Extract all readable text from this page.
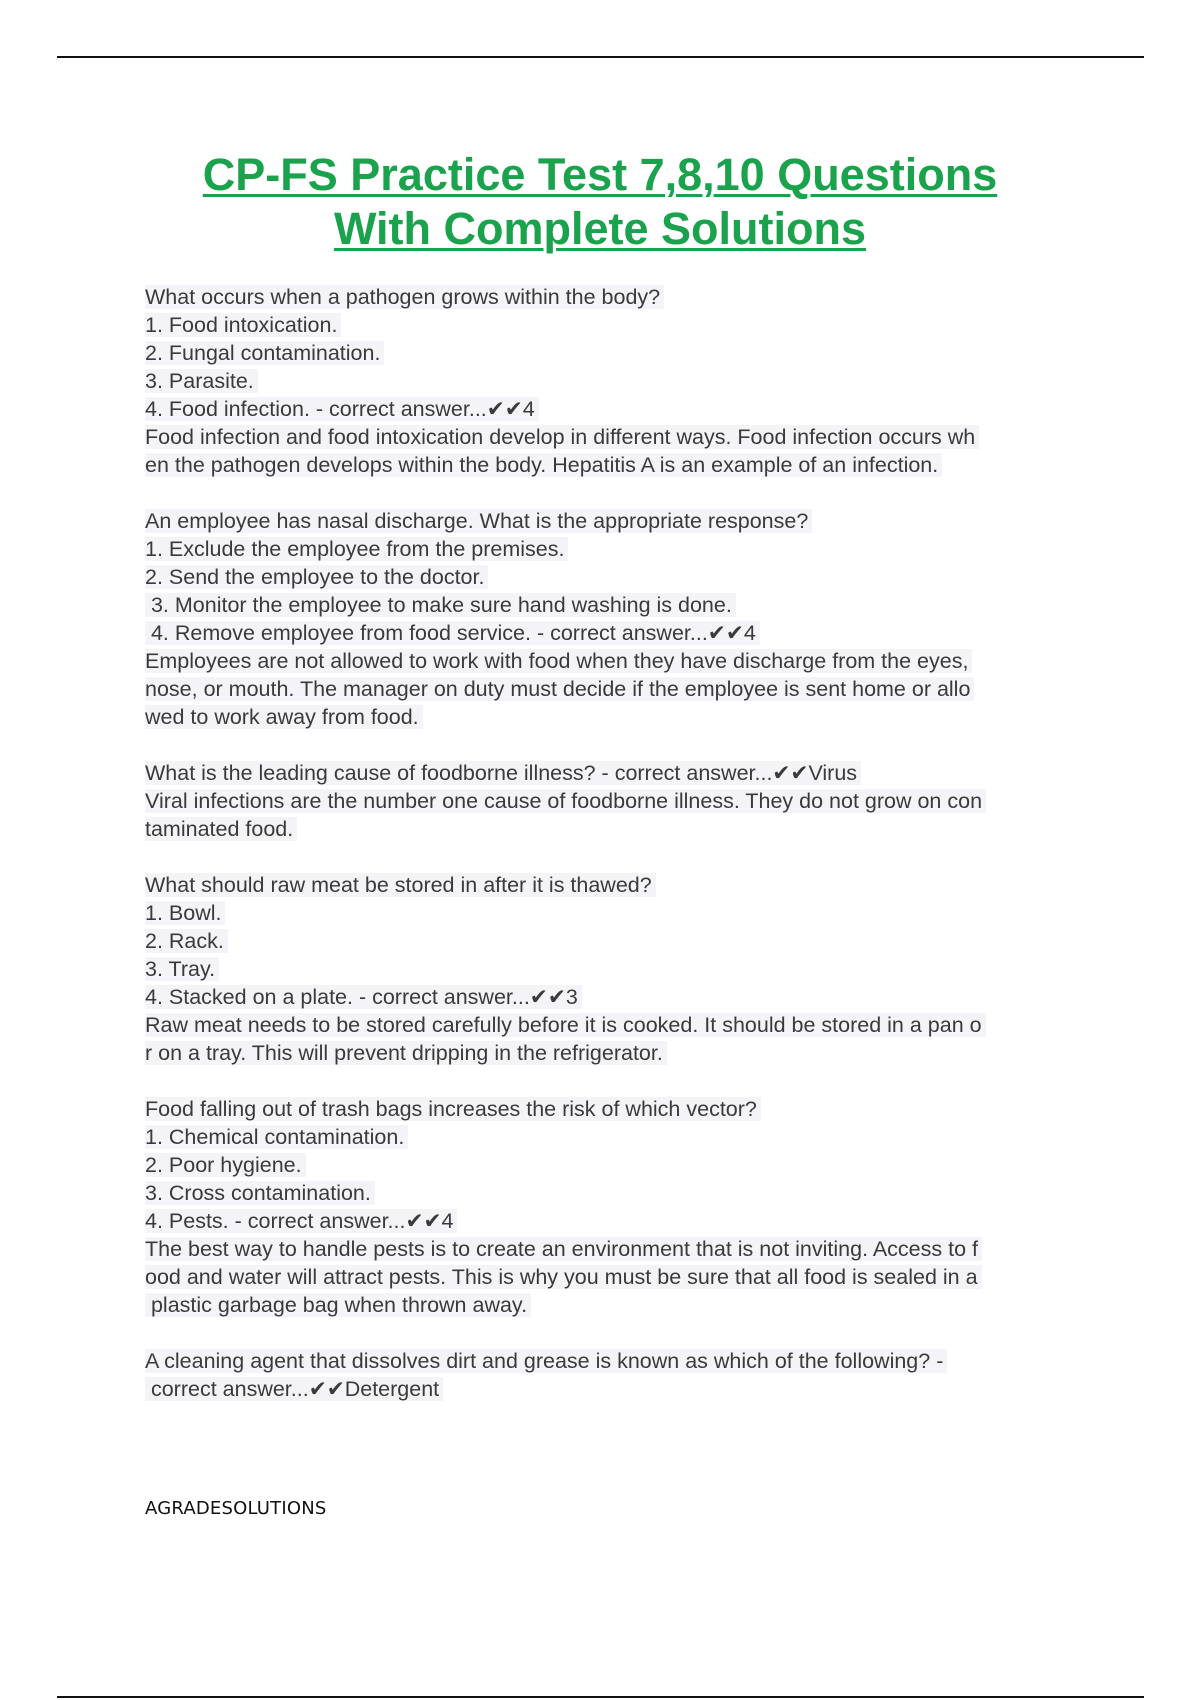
CP-FS Practice Test 7,8,10 Questions
With Complete Solutions
What occurs when a pathogen grows within the body?
1. Food intoxication.
2. Fungal contamination.
3. Parasite.
4. Food infection. - correct answer...✔✔4
Food infection and food intoxication develop in different ways. Food infection occurs wh
en the pathogen develops within the body. Hepatitis A is an example of an infection.
An employee has nasal discharge. What is the appropriate response?
1. Exclude the employee from the premises.
2. Send the employee to the doctor.
3. Monitor the employee to make sure hand washing is done.
4. Remove employee from food service. - correct answer...✔✔4
Employees are not allowed to work with food when they have discharge from the eyes,
nose, or mouth. The manager on duty must decide if the employee is sent home or allo
wed to work away from food.
What is the leading cause of foodborne illness? - correct answer...✔✔Virus
Viral infections are the number one cause of foodborne illness. They do not grow on con
taminated food.
What should raw meat be stored in after it is thawed?
1. Bowl.
2. Rack.
3. Tray.
4. Stacked on a plate. - correct answer...✔✔3
Raw meat needs to be stored carefully before it is cooked. It should be stored in a pan o
r on a tray. This will prevent dripping in the refrigerator.
Food falling out of trash bags increases the risk of which vector?
1. Chemical contamination.
2. Poor hygiene.
3. Cross contamination.
4. Pests. - correct answer...✔✔4
The best way to handle pests is to create an environment that is not inviting. Access to f
ood and water will attract pests. This is why you must be sure that all food is sealed in a
plastic garbage bag when thrown away.
A cleaning agent that dissolves dirt and grease is known as which of the following? -
correct answer...✔✔Detergent
AGRADESOLUTIONS
